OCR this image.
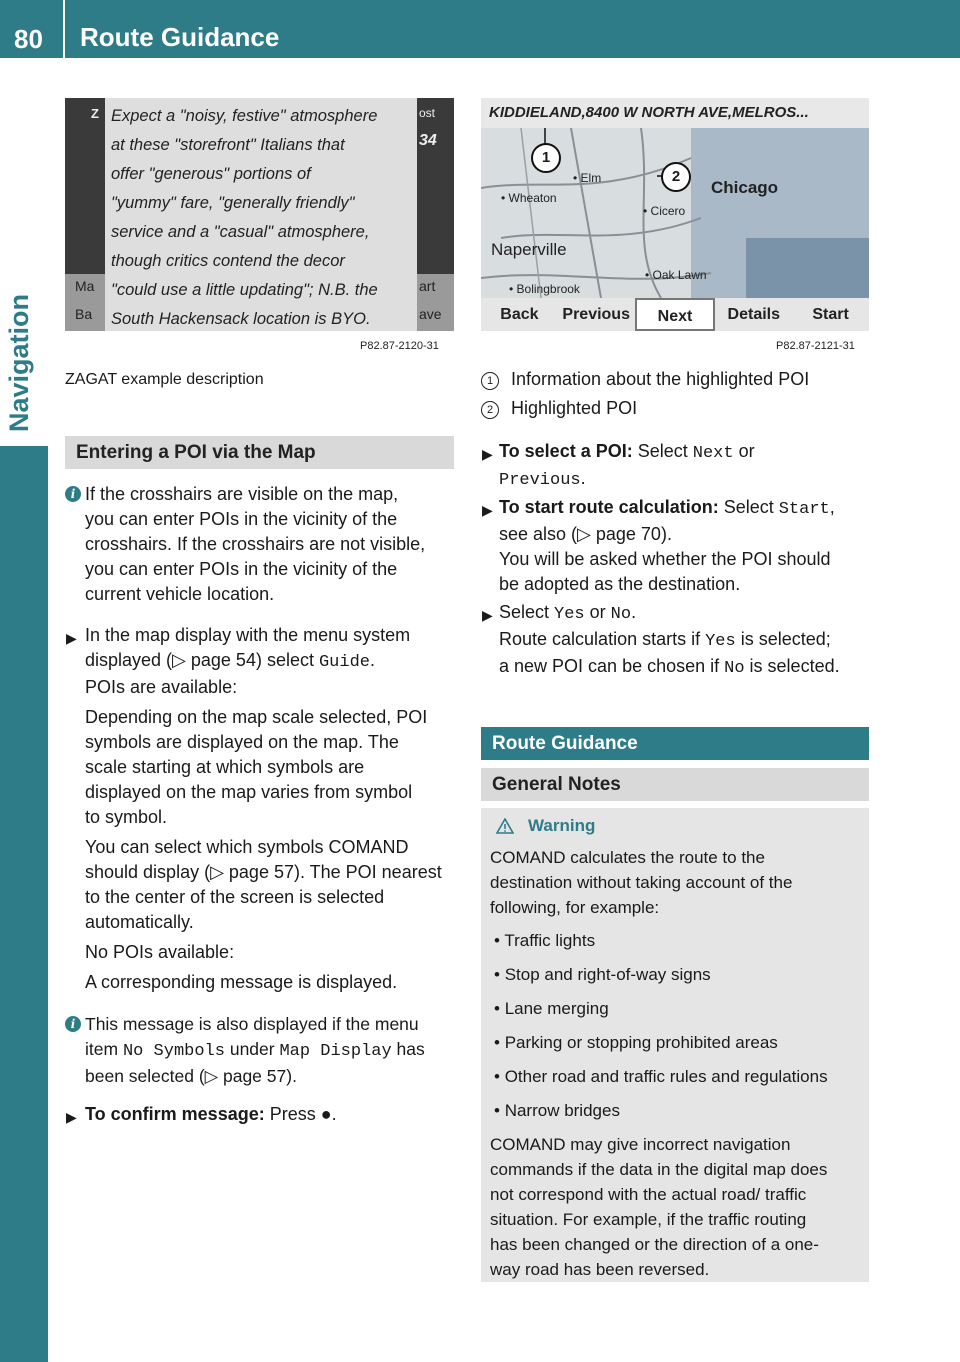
80 Route Guidance
Expect a "noisy, festive" atmosphere
at these "storefront" Italians that
offer "generous" portions of
"yummy" fare, "generally friendly"
service and a "casual" atmosphere,
though critics contend the decor
"could use a little updating"; N.B. the
South Hackensack location is BYO.
Z
Ma
Ba
ost
34
art
ave
P82.87-2120-31
ZAGAT example description
KIDDIELAND,8400 W NORTH AVE,MELROS...
1
2
• Elm
• Wheaton
Chicago
• Cicero
Naperville
• Oak Lawn
• Bolingbrook
Back	Previous	Next	Details	Start
P82.87-2121-31
Entering a POI via the Map
i If the crosshairs are visible on the map,
you can enter POIs in the vicinity of the
crosshairs. If the crosshairs are not visible,
you can enter POIs in the vicinity of the
current vehicle location.
▶ In the map display with the menu system
displayed (▷ page 54) select Guide.
POIs are available:
Depending on the map scale selected, POI
symbols are displayed on the map. The
scale starting at which symbols are
displayed on the map varies from symbol
to symbol.
You can select which symbols COMAND
should display (▷ page 57). The POI nearest
to the center of the screen is selected
automatically.
No POIs available:
A corresponding message is displayed.
i This message is also displayed if the menu
item No Symbols under Map Display has
been selected (▷ page 57).
▶ To confirm message: Press ●.
1 Information about the highlighted POI
2 Highlighted POI
▶ To select a POI: Select Next or
Previous.
▶ To start route calculation: Select Start,
see also (▷ page 70).
You will be asked whether the POI should
be adopted as the destination.
▶ Select Yes or No.
Route calculation starts if Yes is selected;
a new POI can be chosen if No is selected.
Route Guidance
General Notes
Warning
COMAND calculates the route to the
destination without taking account of the
following, for example:
• Traffic lights
• Stop and right-of-way signs
• Lane merging
• Parking or stopping prohibited areas
• Other road and traffic rules and regulations
• Narrow bridges
COMAND may give incorrect navigation
commands if the data in the digital map does
not correspond with the actual road/ traffic
situation. For example, if the traffic routing
has been changed or the direction of a one-
way road has been reversed.
